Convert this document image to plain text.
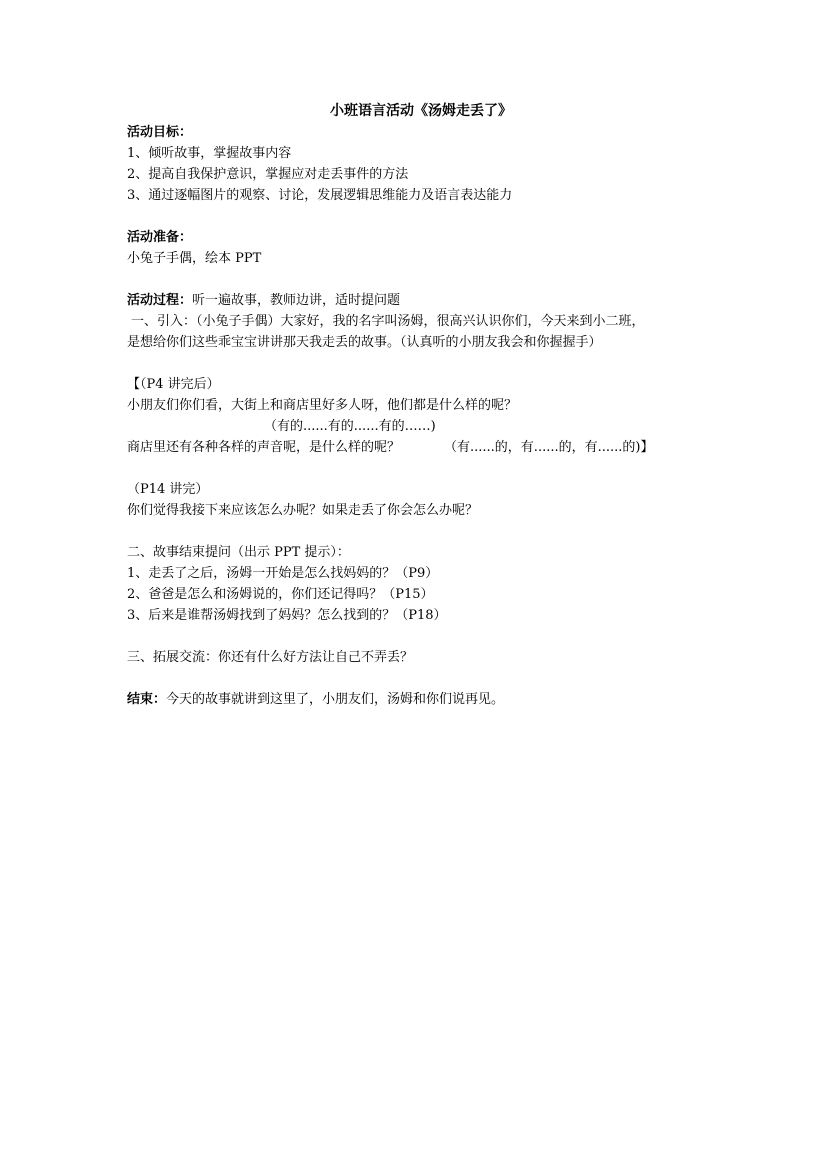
小班语言活动《汤姆走丢了》

活动目标：

1、倾听故事，掌握故事内容

2、提高自我保护意识，掌握应对走丢事件的方法

3、通过逐幅图片的观察、讨论，发展逻辑思维能力及语言表达能力

活动准备：

小兔子手偶，绘本 PPT

活动过程：听一遍故事，教师边讲，适时提问题

一、引入：（小兔子手偶）大家好，我的名字叫汤姆，很高兴认识你们，今天来到小二班，

是想给你们这些乖宝宝讲讲那天我走丢的故事。（认真听的小朋友我会和你握握手）

【（P4 讲完后）

小朋友们你们看，大街上和商店里好多人呀，他们都是什么样的呢？

（有的......有的......有的……)

商店里还有各种各样的声音呢，是什么样的呢？	（有......的，有......的，有......的)】

（P14 讲完）

你们觉得我接下来应该怎么办呢？如果走丢了你会怎么办呢？

二、故事结束提问（出示 PPT 提示）：

1、走丢了之后，汤姆一开始是怎么找妈妈的？（P9）

2、爸爸是怎么和汤姆说的，你们还记得吗？（P15）

3、后来是谁帮汤姆找到了妈妈？怎么找到的？（P18）

三、拓展交流：你还有什么好方法让自己不弄丢？

结束：今天的故事就讲到这里了，小朋友们，汤姆和你们说再见。
